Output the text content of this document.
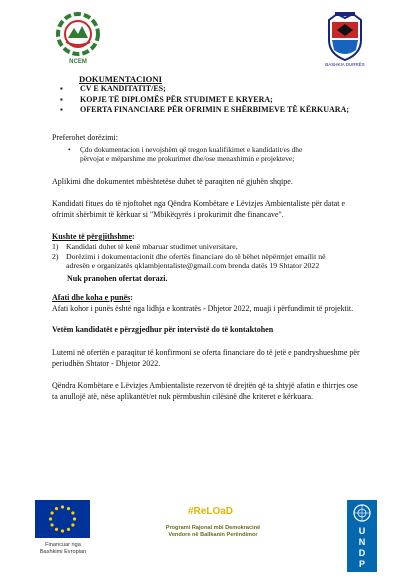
NCEM	BASHKIA DURRËS
DOKUMENTACIONI
▪ CV E KANDITATIT/ES;
▪ KOPJE TË DIPLOMËS PËR STUDIMET E KRYERA;
▪ OFERTA FINANCIARE PËR OFRIMIN E SHËRBIMEVE TË KËRKUARA;

Preferohet dorëzimi:

• Çdo dokumentacion i nevojshëm që tregon kualifikimet e kandidatit/es dhe
përvojat e mëparshme me prokurimet dhe/ose menaxhimin e projekteve;

Aplikimi dhe dokumentet mbështetëse duhet të paraqiten në gjuhën shqipe.

Kandidati fitues do të njoftohet nga Qëndra Kombëtare e Lëvizjes Ambientaliste për datat e

ofrimit shërbimit të kërkuar si "Mbikëqyrës i prokurimit dhe financave".

Kushte të përgjithshme:

1) Kandidati duhet të kenë mbaruar studimet universitare,
2) Dorëzimi i dokumentacionit dhe ofertës financiare do të bëhet nëpërmjet emailit në
adresën e organizatës qklambjentaliste@gmail.com brenda datës 19 Shtator 2022

Nuk pranohen ofertat dorazi.

Afati dhe koha e punës:

Afati kohor i punës është nga lidhja e kontratës - Dhjetor 2022, muaji i përfundimit të projektit.

Vetëm kandidatët e përzgjedhur për intervistë do të kontaktohen

Lutemi në ofertën e paraqitur të konfirmoni se oferta financiare do të jetë e pandryshueshme për

periudhën Shtator - Dhjetor 2022.

Qëndra Kombëtare e Lëvizjes Ambientaliste rezervon të drejtën që ta shtyjë afatin e thirrjes ose

ta anullojë atë, nëse aplikantët/et nuk përmbushin cilësinë dhe kriteret e kërkuara.

Financuar nga
Bashkimi Evropian
#ReLOaD
Programi Rajonal mbi Demokracinë
Vendore në Ballkanin Perëndimor	U
N
D
P
